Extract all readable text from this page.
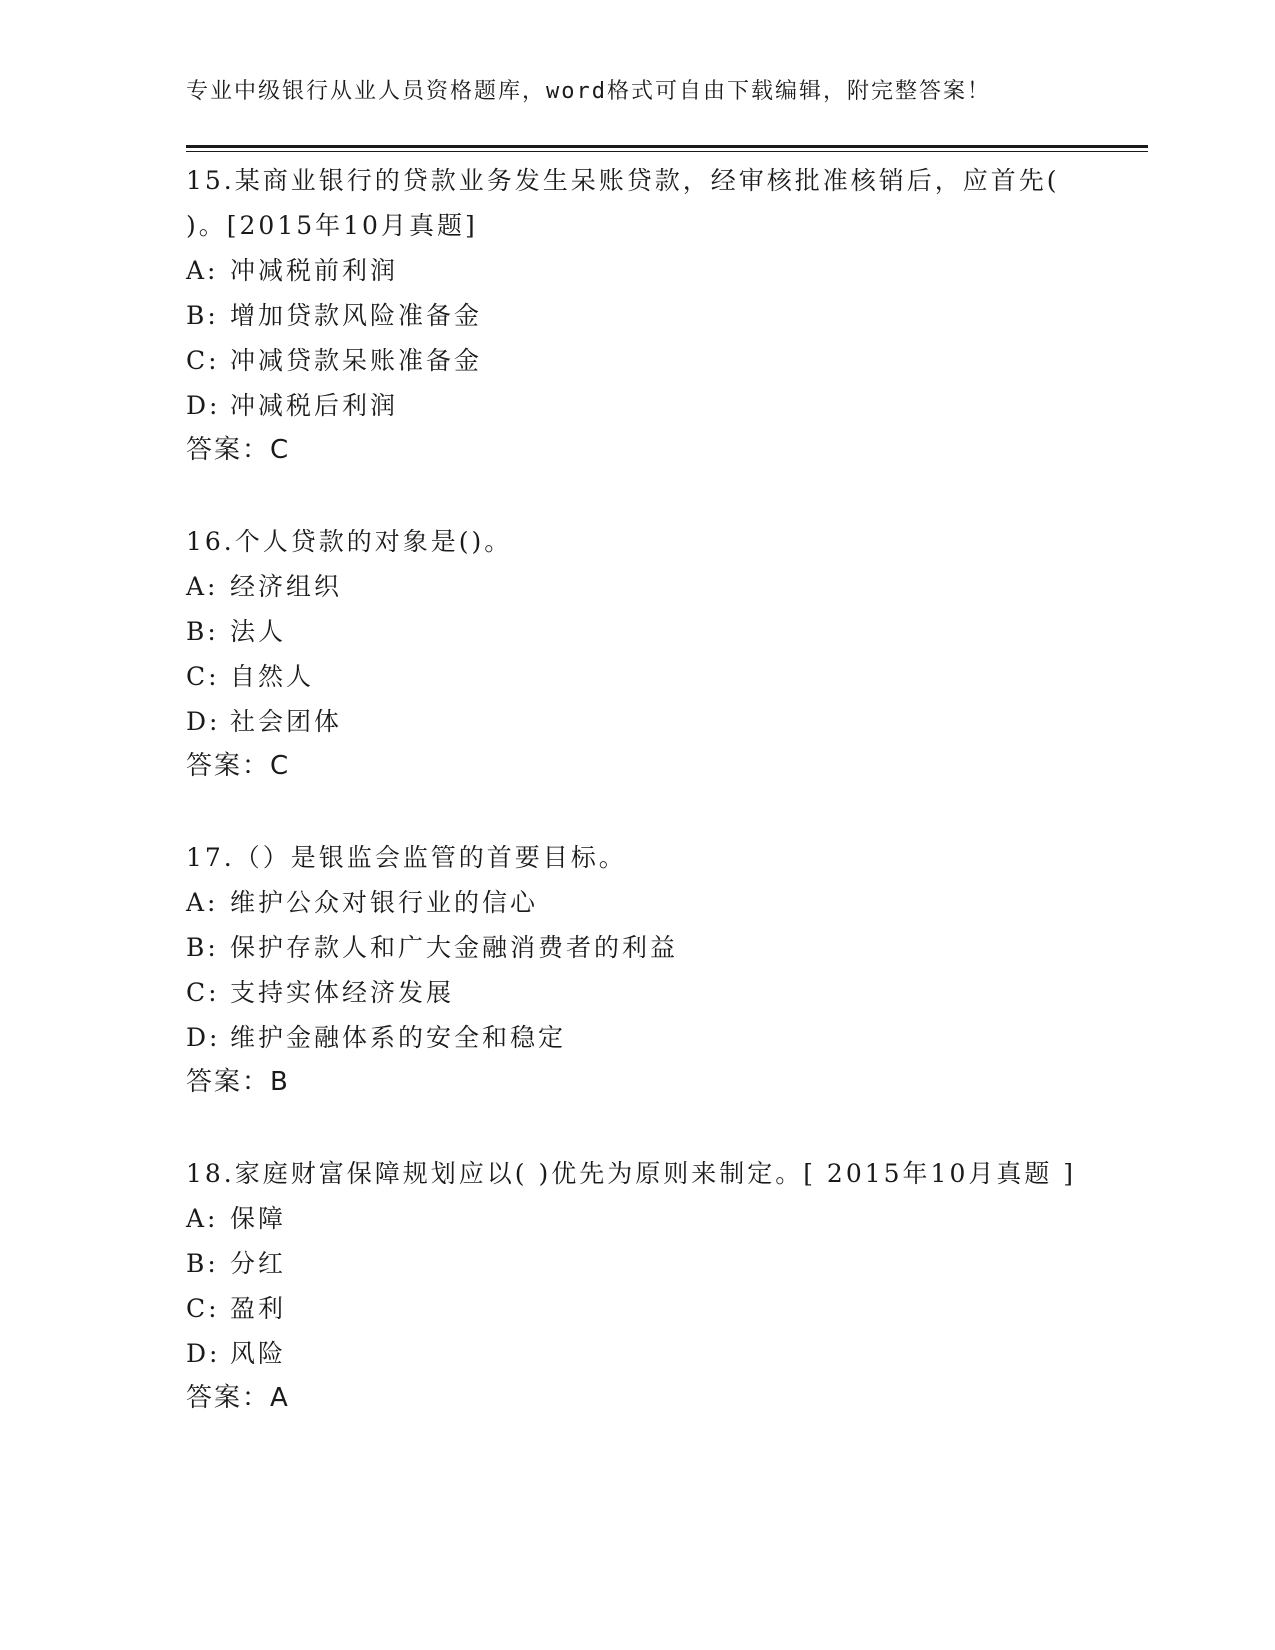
专业中级银行从业人员资格题库，word格式可自由下载编辑，附完整答案！
15.某商业银行的贷款业务发生呆账贷款，经审核批准核销后，应首先( )。[2015年10月真题]
A: 冲减税前利润
B: 增加贷款风险准备金
C: 冲减贷款呆账准备金
D: 冲减税后利润
答案：C
16.个人贷款的对象是()。
A: 经济组织
B: 法人
C: 自然人
D: 社会团体
答案：C
17.（）是银监会监管的首要目标。
A: 维护公众对银行业的信心
B: 保护存款人和广大金融消费者的利益
C: 支持实体经济发展
D: 维护金融体系的安全和稳定
答案：B
18.家庭财富保障规划应以( )优先为原则来制定。[ 2015年10月真题 ]
A: 保障
B: 分红
C: 盈利
D: 风险
答案：A
